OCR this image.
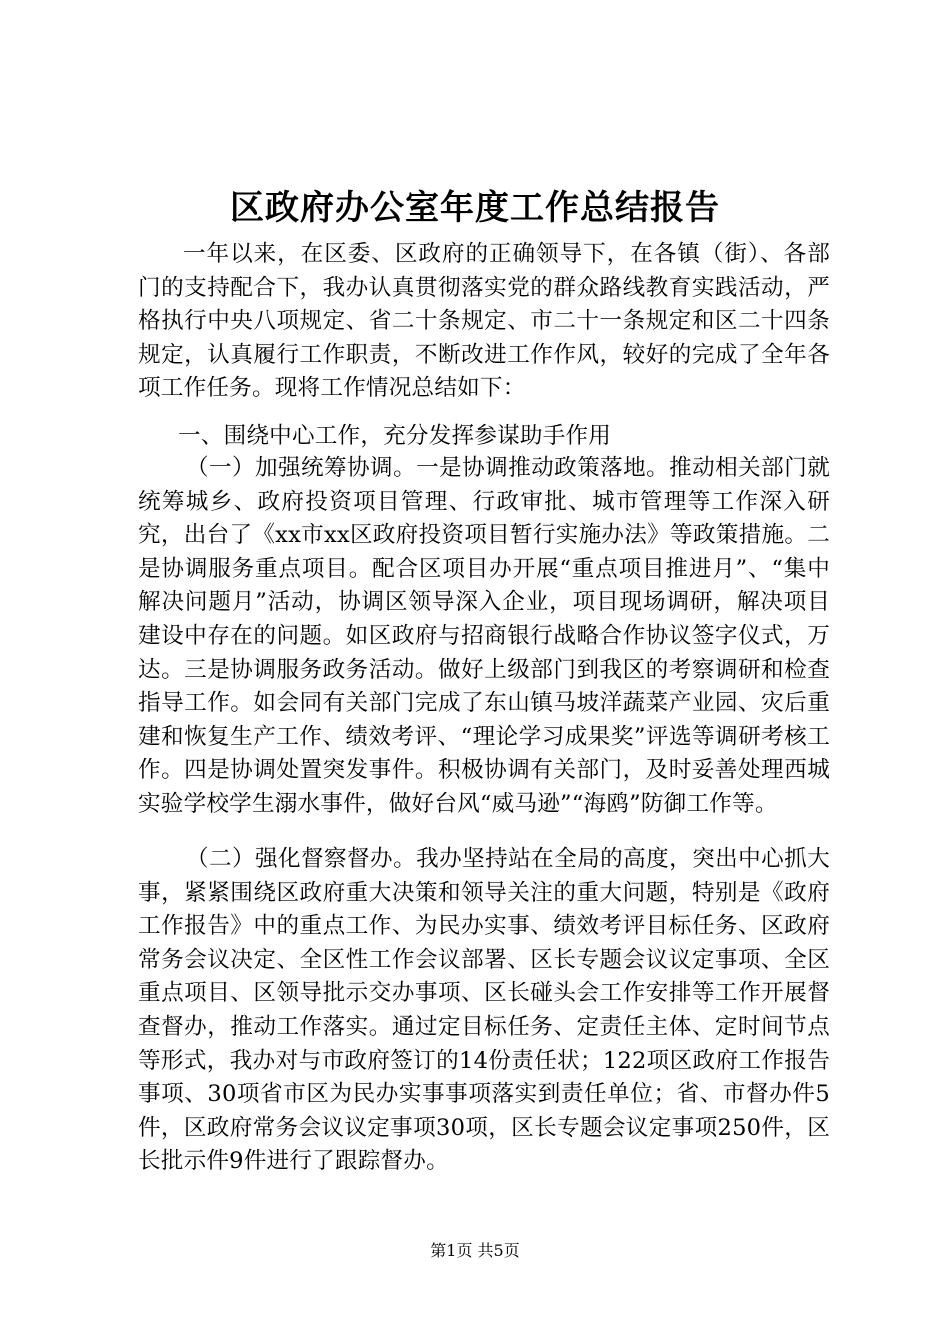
区政府办公室年度工作总结报告

一年以来，在区委、区政府的正确领导下，在各镇（街）、各部门的支持配合下，我办认真贯彻落实党的群众路线教育实践活动，严格执行中央八项规定、省二十条规定、市二十一条规定和区二十四条规定，认真履行工作职责，不断改进工作作风，较好的完成了全年各项工作任务。现将工作情况总结如下：

一、围绕中心工作，充分发挥参谋助手作用

（一）加强统筹协调。一是协调推动政策落地。推动相关部门就统筹城乡、政府投资项目管理、行政审批、城市管理等工作深入研究，出台了《xx市xx区政府投资项目暂行实施办法》等政策措施。二是协调服务重点项目。配合区项目办开展“重点项目推进月”、“集中解决问题月”活动，协调区领导深入企业，项目现场调研，解决项目建设中存在的问题。如区政府与招商银行战略合作协议签字仪式，万达。三是协调服务政务活动。做好上级部门到我区的考察调研和检查指导工作。如会同有关部门完成了东山镇马坡洋蔬菜产业园、灾后重建和恢复生产工作、绩效考评、“理论学习成果奖”评选等调研考核工作。四是协调处置突发事件。积极协调有关部门，及时妥善处理西城实验学校学生溺水事件，做好台风“威马逊”“海鸥”防御工作等。

（二）强化督察督办。我办坚持站在全局的高度，突出中心抓大事，紧紧围绕区政府重大决策和领导关注的重大问题，特别是《政府工作报告》中的重点工作、为民办实事、绩效考评目标任务、区政府常务会议决定、全区性工作会议部署、区长专题会议议定事项、全区重点项目、区领导批示交办事项、区长碰头会工作安排等工作开展督查督办，推动工作落实。通过定目标任务、定责任主体、定时间节点等形式，我办对与市政府签订的14份责任状；122项区政府工作报告事项、30项省市区为民办实事事项落实到责任单位；省、市督办件5件，区政府常务会议议定事项30项，区长专题会议定事项250件，区长批示件9件进行了跟踪督办。

第1页 共5页
